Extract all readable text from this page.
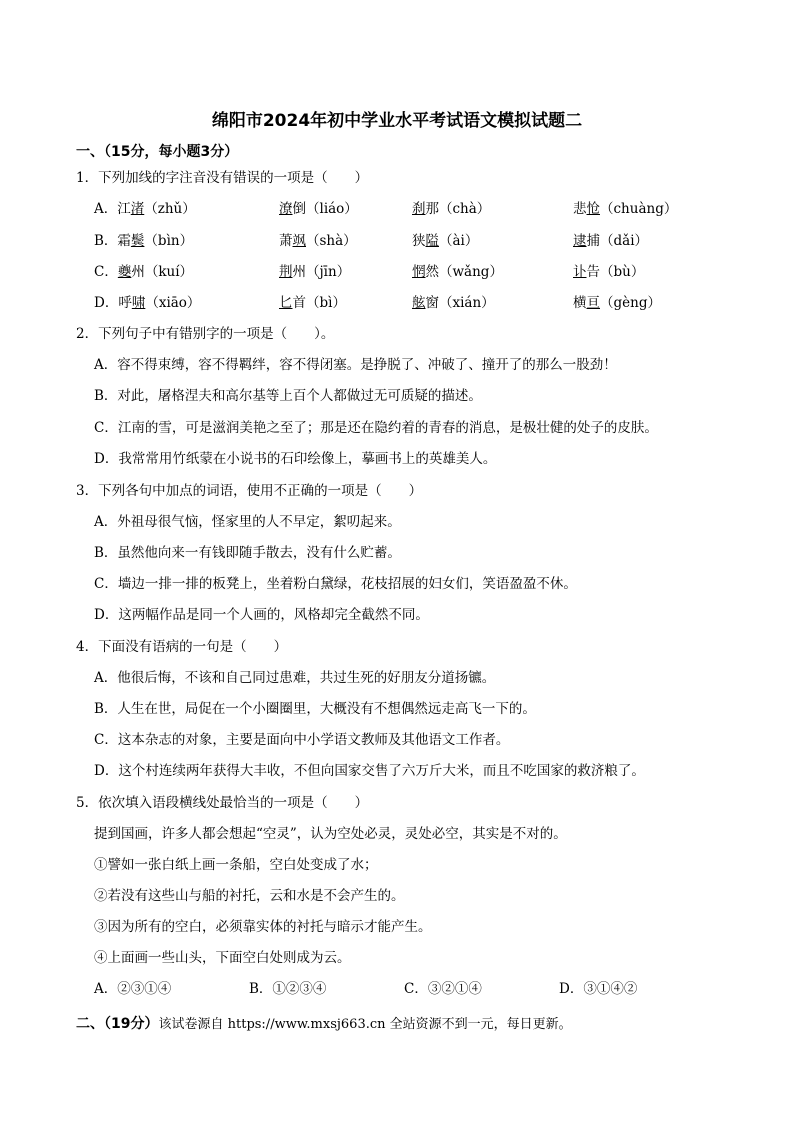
绵阳市2024年初中学业水平考试语文模拟试题二
一、（15分，每小题3分）
1．下列加线的字注音没有错误的一项是（　　）
A．江渚（zhǔ）	潦倒（liáo）	刹那（chà）	悲怆（chuàng）
B．霜鬓（bìn）	萧飒（shà）	狭隘（ài）	逮捕（dǎi）
C．夔州（kuí）	荆州（jīn）	惘然（wǎng）	讣告（bù）
D．呼啸（xiāo）	匕首（bì）	舷窗（xián）	横亘（gèng）
2．下列句子中有错别字的一项是（　　）。
A．容不得束缚，容不得羁绊，容不得闭塞。是挣脱了、冲破了、撞开了的那么一股劲！
B．对此，屠格涅夫和高尔基等上百个人都做过无可质疑的描述。
C．江南的雪，可是滋润美艳之至了；那是还在隐约着的青春的消息，是极壮健的处子的皮肤。
D．我常常用竹纸蒙在小说书的石印绘像上，摹画书上的英雄美人。
3．下列各句中加点的词语，使用不正确的一项是（　　）
A．外祖母很气恼，怪家里的人不早定，絮叨起来。
B．虽然他向来一有钱即随手散去，没有什么贮蓄。
C．墙边一排一排的板凳上，坐着粉白黛绿，花枝招展的妇女们，笑语盈盈不休。
D．这两幅作品是同一个人画的，风格却完全截然不同。
4．下面没有语病的一句是（　　）
A．他很后悔，不该和自己同过患难，共过生死的好朋友分道扬镳。
B．人生在世，局促在一个小圈圈里，大概没有不想偶然远走高飞一下的。
C．这本杂志的对象，主要是面向中小学语文教师及其他语文工作者。
D．这个村连续两年获得大丰收，不但向国家交售了六万斤大米，而且不吃国家的救济粮了。
5．依次填入语段横线处最恰当的一项是（　　）
提到国画，许多人都会想起“空灵”，认为空处必灵，灵处必空，其实是不对的。
①譬如一张白纸上画一条船，空白处变成了水；
②若没有这些山与船的衬托，云和水是不会产生的。
③因为所有的空白，必须靠实体的衬托与暗示才能产生。
④上面画一些山头，下面空白处则成为云。
A．②③①④	B．①②③④	C．③②①④	D．③①④②
二、（19分）该试卷源自 https://www.mxsj663.cn 全站资源不到一元，每日更新。
